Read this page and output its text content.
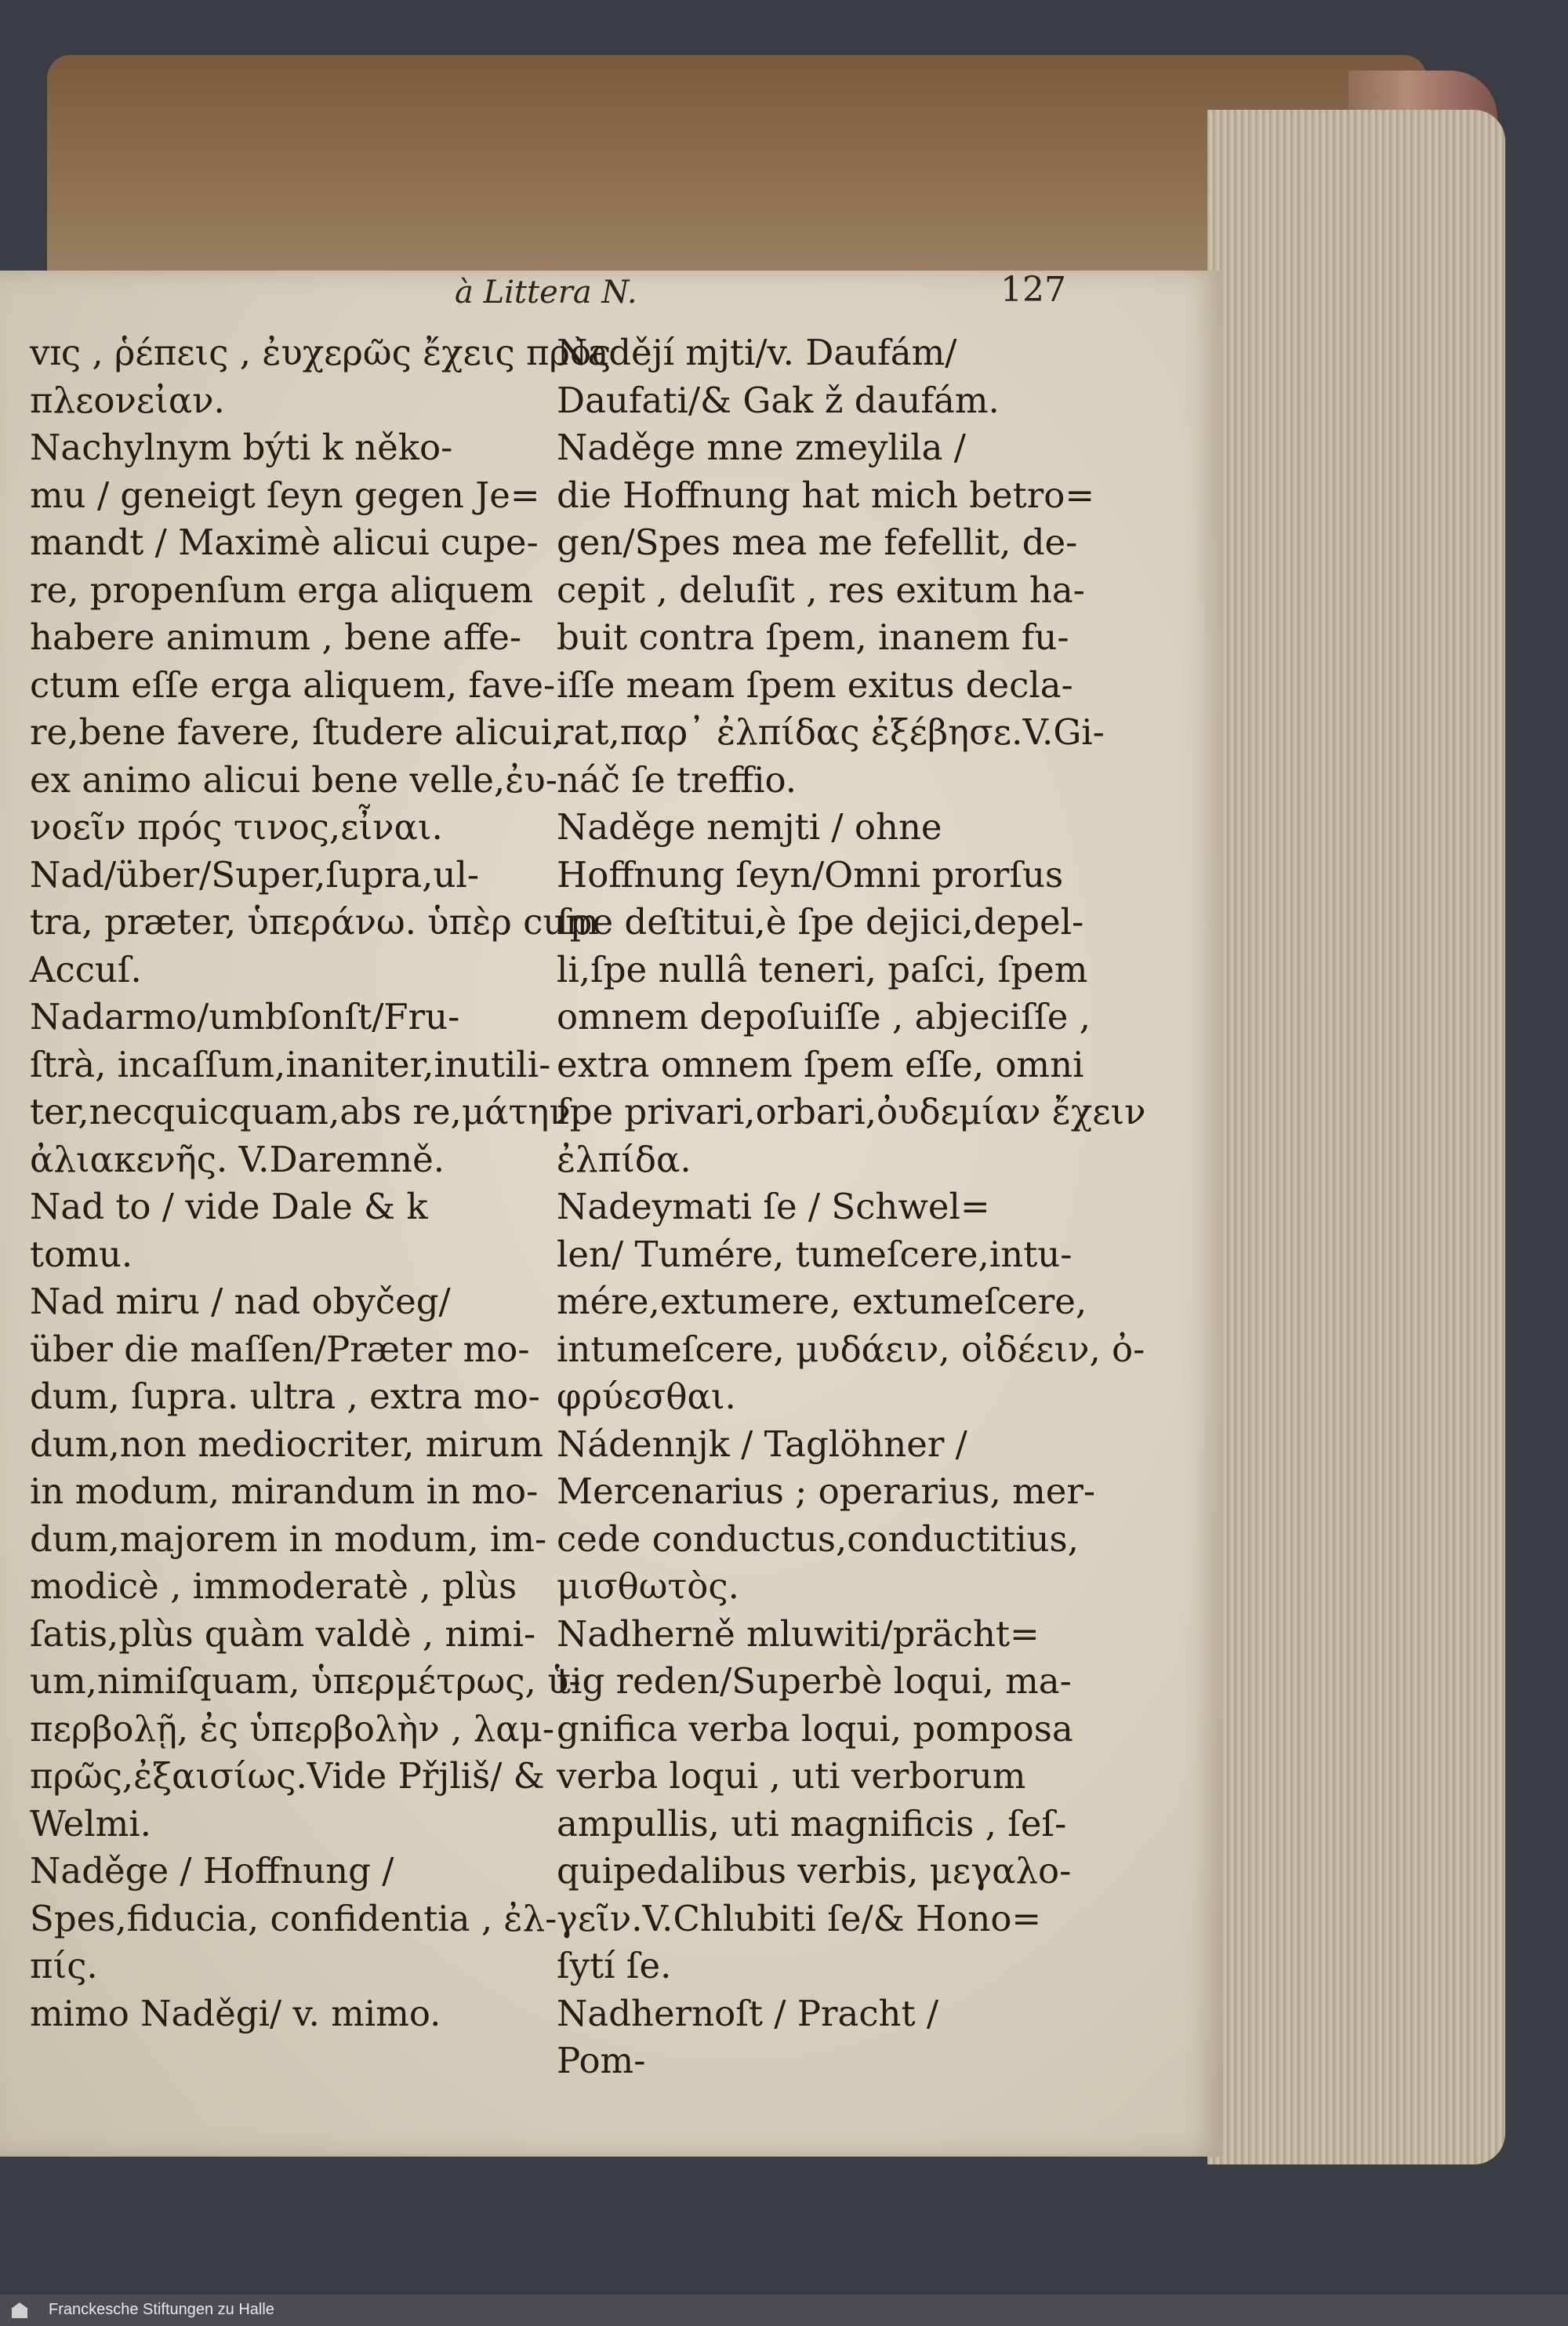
à Littera N.	127
ᴠɪς , ῥέπεις , ἐυχερῶς ἔχεις πρὸς
πλεονεἰαν.
Nachylnym býti k něko-
mu / geneigt ſeyn gegen Je=
mandt / Maximè alicui cupe-
re, propenſum erga aliquem
habere animum , bene affe-
ctum eſſe erga aliquem, fave-
re,bene favere, ſtudere alicui,
ex animo alicui bene velle,ἐυ-
νοεῖν πρός τινος,εἶναι.
Nad/über/Super,ſupra,ul-
tra, præter, ὑπεράνω. ὑπὲρ cum
Accuſ.
Nadarmo/umbſonſt/Fru-
ſtrà, incaſſum,inaniter,inutili-
ter,necquicquam,abs re,μάτην.
ἀλιακενῆς. V.Daremně.
Nad to / vide Dale & k
tomu.
Nad miru / nad obyčeg/
über die maſſen/Præter mo-
dum, ſupra. ultra , extra mo-
dum,non mediocriter, mirum
in modum, mirandum in mo-
dum,majorem in modum, im-
modicè , immoderatè , plùs
ſatis,plùs quàm valdè , nimi-
um,nimiſquam, ὑπερμέτρως, ὑ-
περβολῇ, ἐς ὑπερβολὴν , λαμ-
πρῶς,ἐξαισίως.Vide Přjliš/ &
Welmi.
Naděge / Hoffnung /
Spes,fiducia, confidentia , ἐλ-
πίς.
mimo Naděgi/ v. mimo.
Nadějí mjti/v. Daufám/
Daufati/& Gak ž daufám.
Naděge mne zmeylila /
die Hoffnung hat mich betro=
gen/Spes mea me fefellit, de-
cepit , deluſit , res exitum ha-
buit contra ſpem, inanem fu-
iſſe meam ſpem exitus decla-
rat,παρ᾽ ἐλπίδας ἐξέβησε.V.Gi-
náč ſe treffio.
Naděge nemjti / ohne
Hoffnung ſeyn/Omni prorſus
ſpe deſtitui,è ſpe dejici,depel-
li,ſpe nullâ teneri, paſci, ſpem
omnem depoſuiſſe , abjeciſſe ,
extra omnem ſpem eſſe, omni
ſpe privari,orbari,ὀυδεμίαν ἔχειν
ἐλπίδα.
Nadeymati ſe / Schwel=
len/ Tumére, tumeſcere,intu-
mére,extumere, extumeſcere,
intumeſcere, μυδάειν, οἰδέειν, ὀ-
φρύεσθαι.
Nádennjk / Taglöhner /
Mercenarius ; operarius, mer-
cede conductus,conductitius,
μισθωτὸς.
Nadherně mluwiti/prächt=
tig reden/Superbè loqui, ma-
gnifica verba loqui, pomposa
verba loqui , uti verborum
ampullis, uti magnificis , ſeſ-
quipedalibus verbis, μεγαλο-
γεῖν.V.Chlubiti ſe/& Hono=
ſytí ſe.
Nadhernoſt / Pracht /
Pom-
Franckesche Stiftungen zu Halle
